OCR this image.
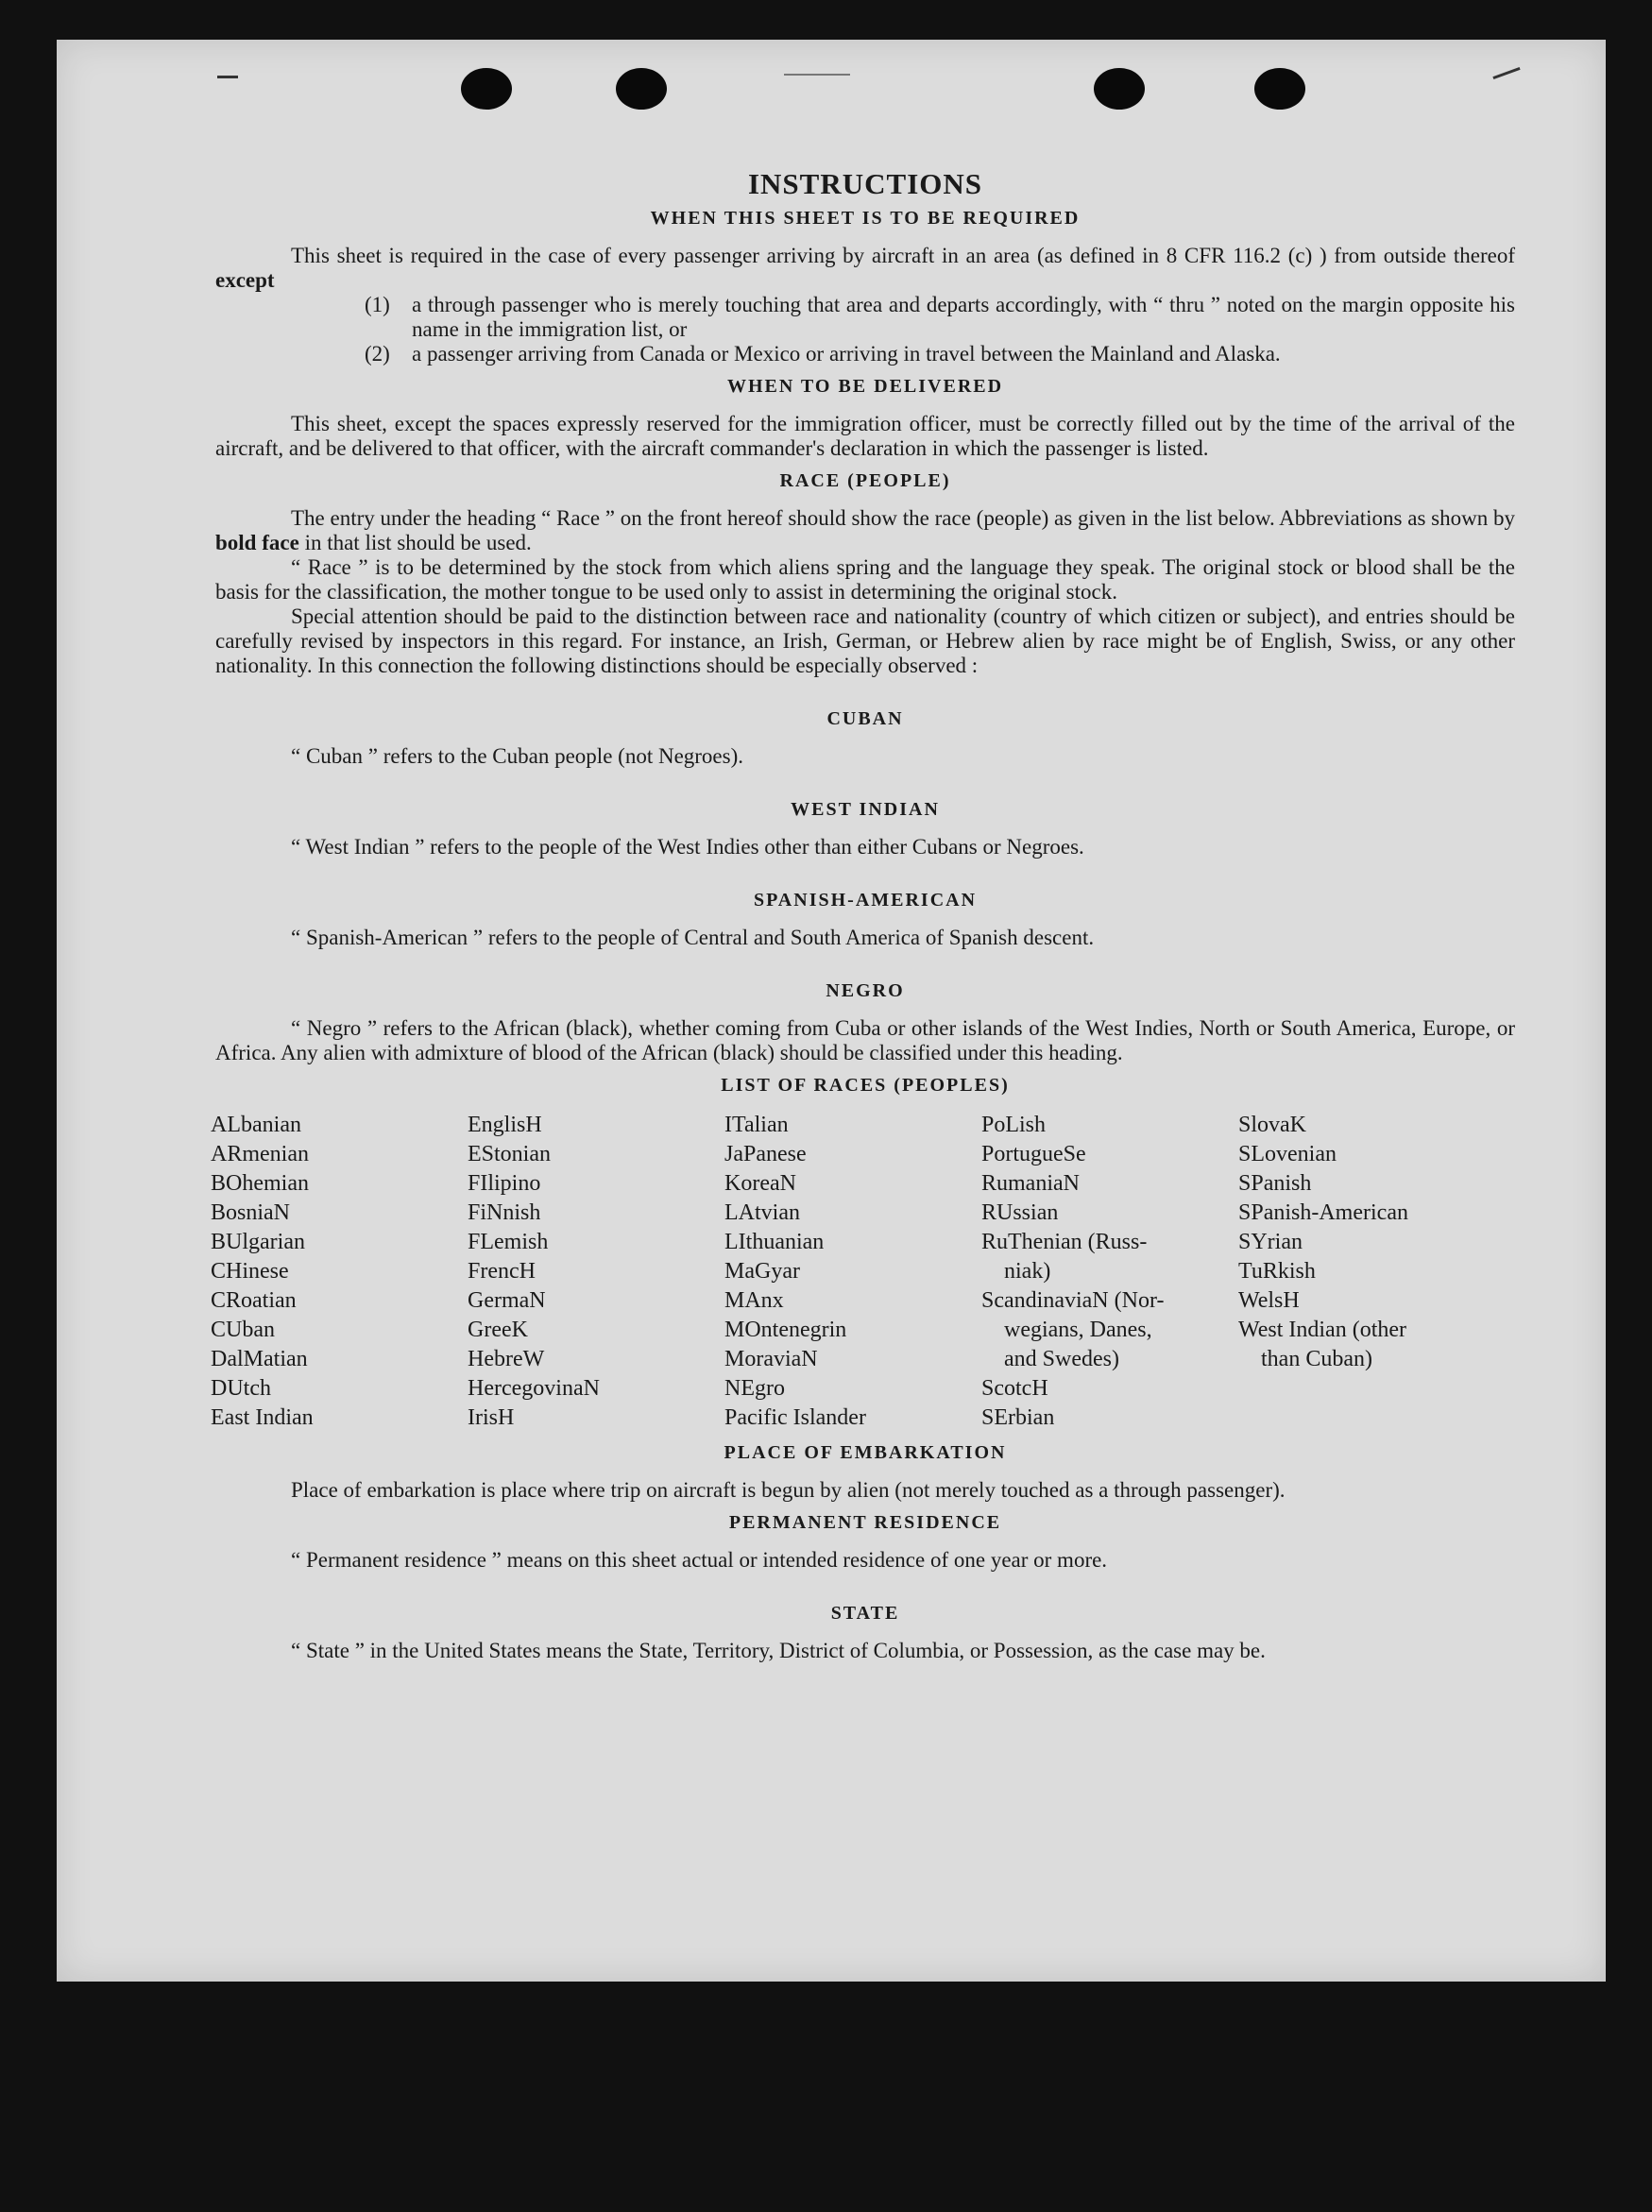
INSTRUCTIONS
WHEN THIS SHEET IS TO BE REQUIRED

This sheet is required in the case of every passenger arriving by aircraft in an area (as defined in 8 CFR 116.2 (c) ) from outside thereof except

(1)	a through passenger who is merely touching that area and departs accordingly, with “ thru ” noted on the margin opposite his name in the immigration list, or
(2)	a passenger arriving from Canada or Mexico or arriving in travel between the Mainland and Alaska.
WHEN TO BE DELIVERED

This sheet, except the spaces expressly reserved for the immigration officer, must be correctly filled out by the time of the arrival of the aircraft, and be delivered to that officer, with the aircraft commander's declaration in which the passenger is listed.

RACE (PEOPLE)

The entry under the heading “ Race ” on the front hereof should show the race (people) as given in the list below. Abbreviations as shown by bold face in that list should be used.

“ Race ” is to be determined by the stock from which aliens spring and the language they speak. The original stock or blood shall be the basis for the classification, the mother tongue to be used only to assist in determining the original stock.

Special attention should be paid to the distinction between race and nationality (country of which citizen or subject), and entries should be carefully revised by inspectors in this regard. For instance, an Irish, German, or Hebrew alien by race might be of English, Swiss, or any other nationality. In this connection the following distinctions should be especially observed :

CUBAN

“ Cuban ” refers to the Cuban people (not Negroes).

WEST INDIAN

“ West Indian ” refers to the people of the West Indies other than either Cubans or Negroes.

SPANISH-AMERICAN

“ Spanish-American ” refers to the people of Central and South America of Spanish descent.

NEGRO

“ Negro ” refers to the African (black), whether coming from Cuba or other islands of the West Indies, North or South America, Europe, or Africa. Any alien with admixture of blood of the African (black) should be classified under this heading.

LIST OF RACES (PEOPLES)
ALbanian
ARmenian
BOhemian
BosniaN
BUlgarian
CHinese
CRoatian
CUban
DalMatian
DUtch
East Indian
EnglisH
EStonian
FIlipino
FiNnish
FLemish
FrencH
GermaN
GreeK
HebreW
HercegovinaN
IrisH
ITalian
JaPanese
KoreaN
LAtvian
LIthuanian
MaGyar
MAnx
MOntenegrin
MoraviaN
NEgro
Pacific Islander
PoLish
PortugueSe
RumaniaN
RUssian
RuThenian (Russ-
niak)
ScandinaviaN (Nor-
wegians, Danes,
and Swedes)
ScotcH
SErbian
SlovaK
SLovenian
SPanish
SPanish-American
SYrian
TuRkish
WelsH
West Indian (other
than Cuban)
PLACE OF EMBARKATION

Place of embarkation is place where trip on aircraft is begun by alien (not merely touched as a through passenger).

PERMANENT RESIDENCE

“ Permanent residence ” means on this sheet actual or intended residence of one year or more.

STATE

“ State ” in the United States means the State, Territory, District of Columbia, or Possession, as the case may be.
